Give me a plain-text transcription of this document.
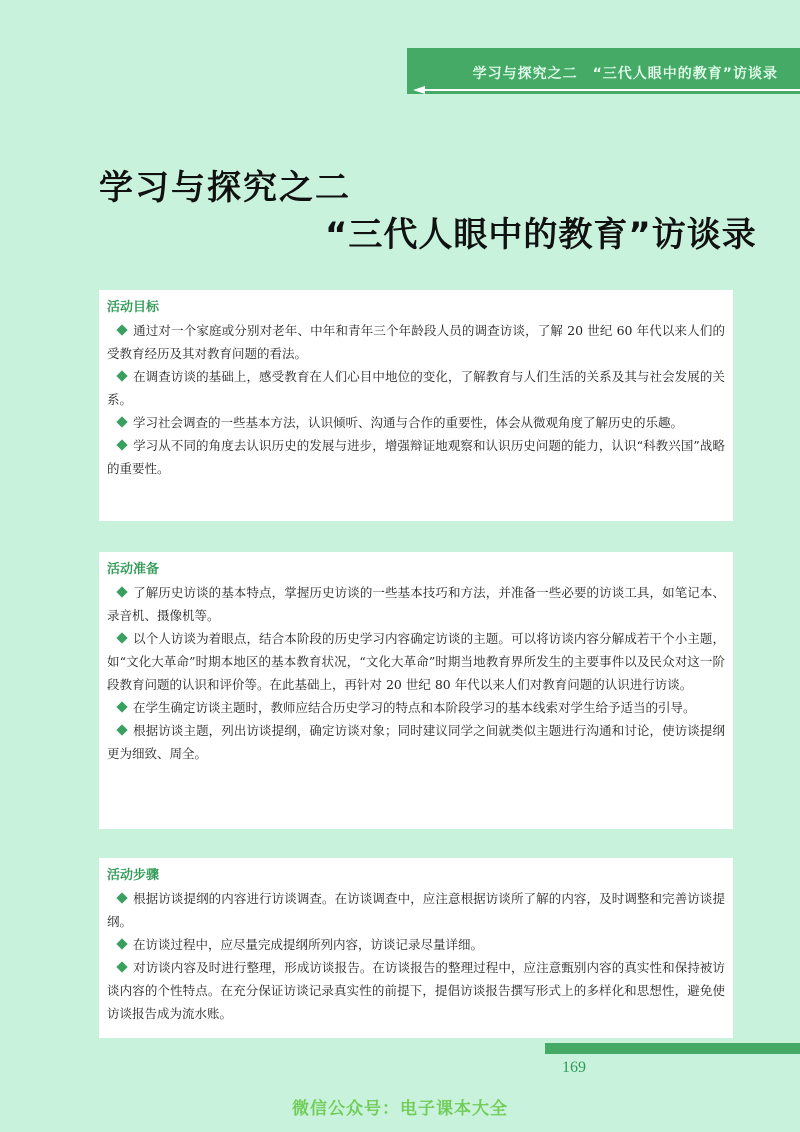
学习与探究之二　“三代人眼中的教育”访谈录
学习与探究之二
“三代人眼中的教育”访谈录
活动目标

通过对一个家庭或分别对老年、中年和青年三个年龄段人员的调查访谈，了解 20 世纪 60 年代以来人们的受教育经历及其对教育问题的看法。

在调查访谈的基础上，感受教育在人们心目中地位的变化，了解教育与人们生活的关系及其与社会发展的关系。

学习社会调查的一些基本方法，认识倾听、沟通与合作的重要性，体会从微观角度了解历史的乐趣。

学习从不同的角度去认识历史的发展与进步，增强辩证地观察和认识历史问题的能力，认识“科教兴国”战略的重要性。

活动准备

了解历史访谈的基本特点，掌握历史访谈的一些基本技巧和方法，并准备一些必要的访谈工具，如笔记本、录音机、摄像机等。

以个人访谈为着眼点，结合本阶段的历史学习内容确定访谈的主题。可以将访谈内容分解成若干个小主题，如“文化大革命”时期本地区的基本教育状况，“文化大革命”时期当地教育界所发生的主要事件以及民众对这一阶段教育问题的认识和评价等。在此基础上，再针对 20 世纪 80 年代以来人们对教育问题的认识进行访谈。

在学生确定访谈主题时，教师应结合历史学习的特点和本阶段学习的基本线索对学生给予适当的引导。

根据访谈主题，列出访谈提纲，确定访谈对象；同时建议同学之间就类似主题进行沟通和讨论，使访谈提纲更为细致、周全。

活动步骤

根据访谈提纲的内容进行访谈调查。在访谈调查中，应注意根据访谈所了解的内容，及时调整和完善访谈提纲。

在访谈过程中，应尽量完成提纲所列内容，访谈记录尽量详细。

对访谈内容及时进行整理，形成访谈报告。在访谈报告的整理过程中，应注意甄别内容的真实性和保持被访谈内容的个性特点。在充分保证访谈记录真实性的前提下，提倡访谈报告撰写形式上的多样化和思想性，避免使访谈报告成为流水账。

169
微信公众号：电子课本大全
